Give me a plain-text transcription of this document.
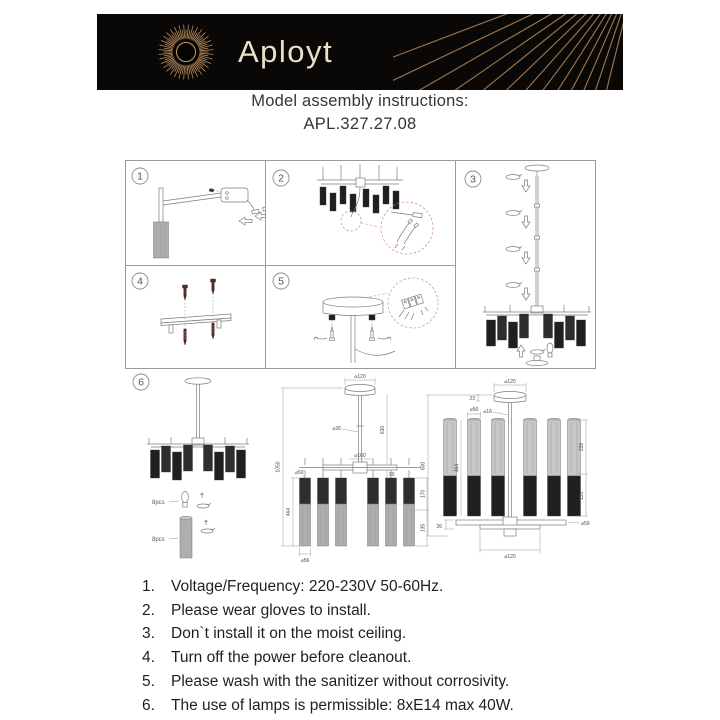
Aployt
Model assembly instructions:
APL.327.27.08
1	2	3
4	5
6
8pcs
8pcs
⌀120
1050
464
⌀50
⌀26	630
90
⌀160
170
135
⌀56
600
23
⌀120
⌀16
464
⌀50
226
135
⌀59
26
⌀120
1.	Voltage/Frequency: 220-230V 50-60Hz.
2.	Please wear gloves to install.
3.	Don`t install it on the moist ceiling.
4.	Turn off the power before cleanout.
5.	Please wash with the sanitizer without corrosivity.
6.	The use of lamps is permissible: 8xE14 max 40W.
